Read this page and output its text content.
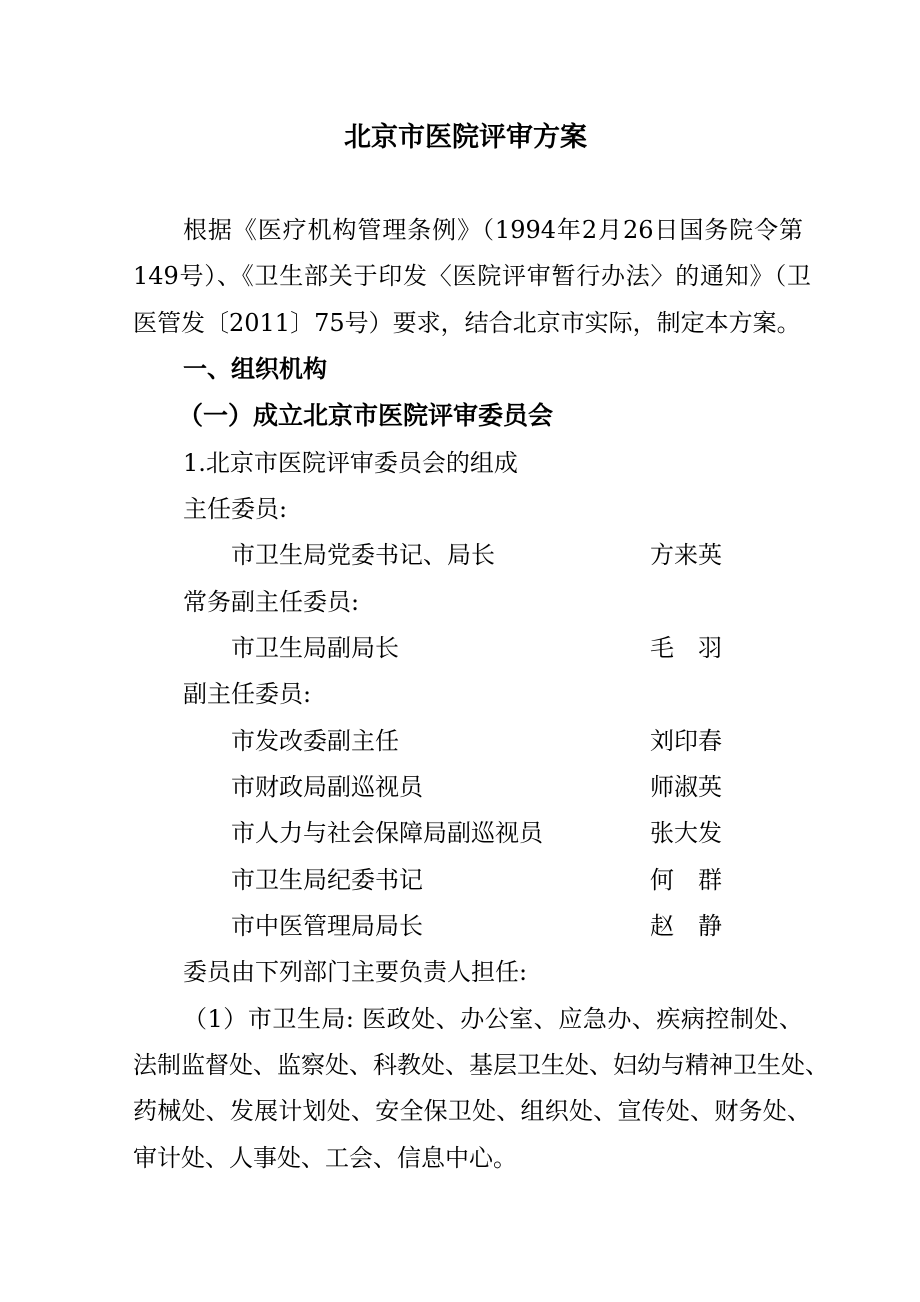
北京市医院评审方案
根据《医疗机构管理条例》（1994年2月26日国务院令第
149号）、《卫生部关于印发〈医院评审暂行办法〉的通知》（卫
医管发〔2011〕75号）要求，结合北京市实际，制定本方案。
一、组织机构
（一）成立北京市医院评审委员会
1.北京市医院评审委员会的组成
主任委员:
市卫生局党委书记、局长	方来英
常务副主任委员:
市卫生局副局长	毛　羽
副主任委员:
市发改委副主任	刘印春
市财政局副巡视员	师淑英
市人力与社会保障局副巡视员	张大发
市卫生局纪委书记	何　群
市中医管理局局长	赵　静
委员由下列部门主要负责人担任:
（1）市卫生局: 医政处、办公室、应急办、疾病控制处、
法制监督处、监察处、科教处、基层卫生处、妇幼与精神卫生处、
药械处、发展计划处、安全保卫处、组织处、宣传处、财务处、
审计处、人事处、工会、信息中心。
